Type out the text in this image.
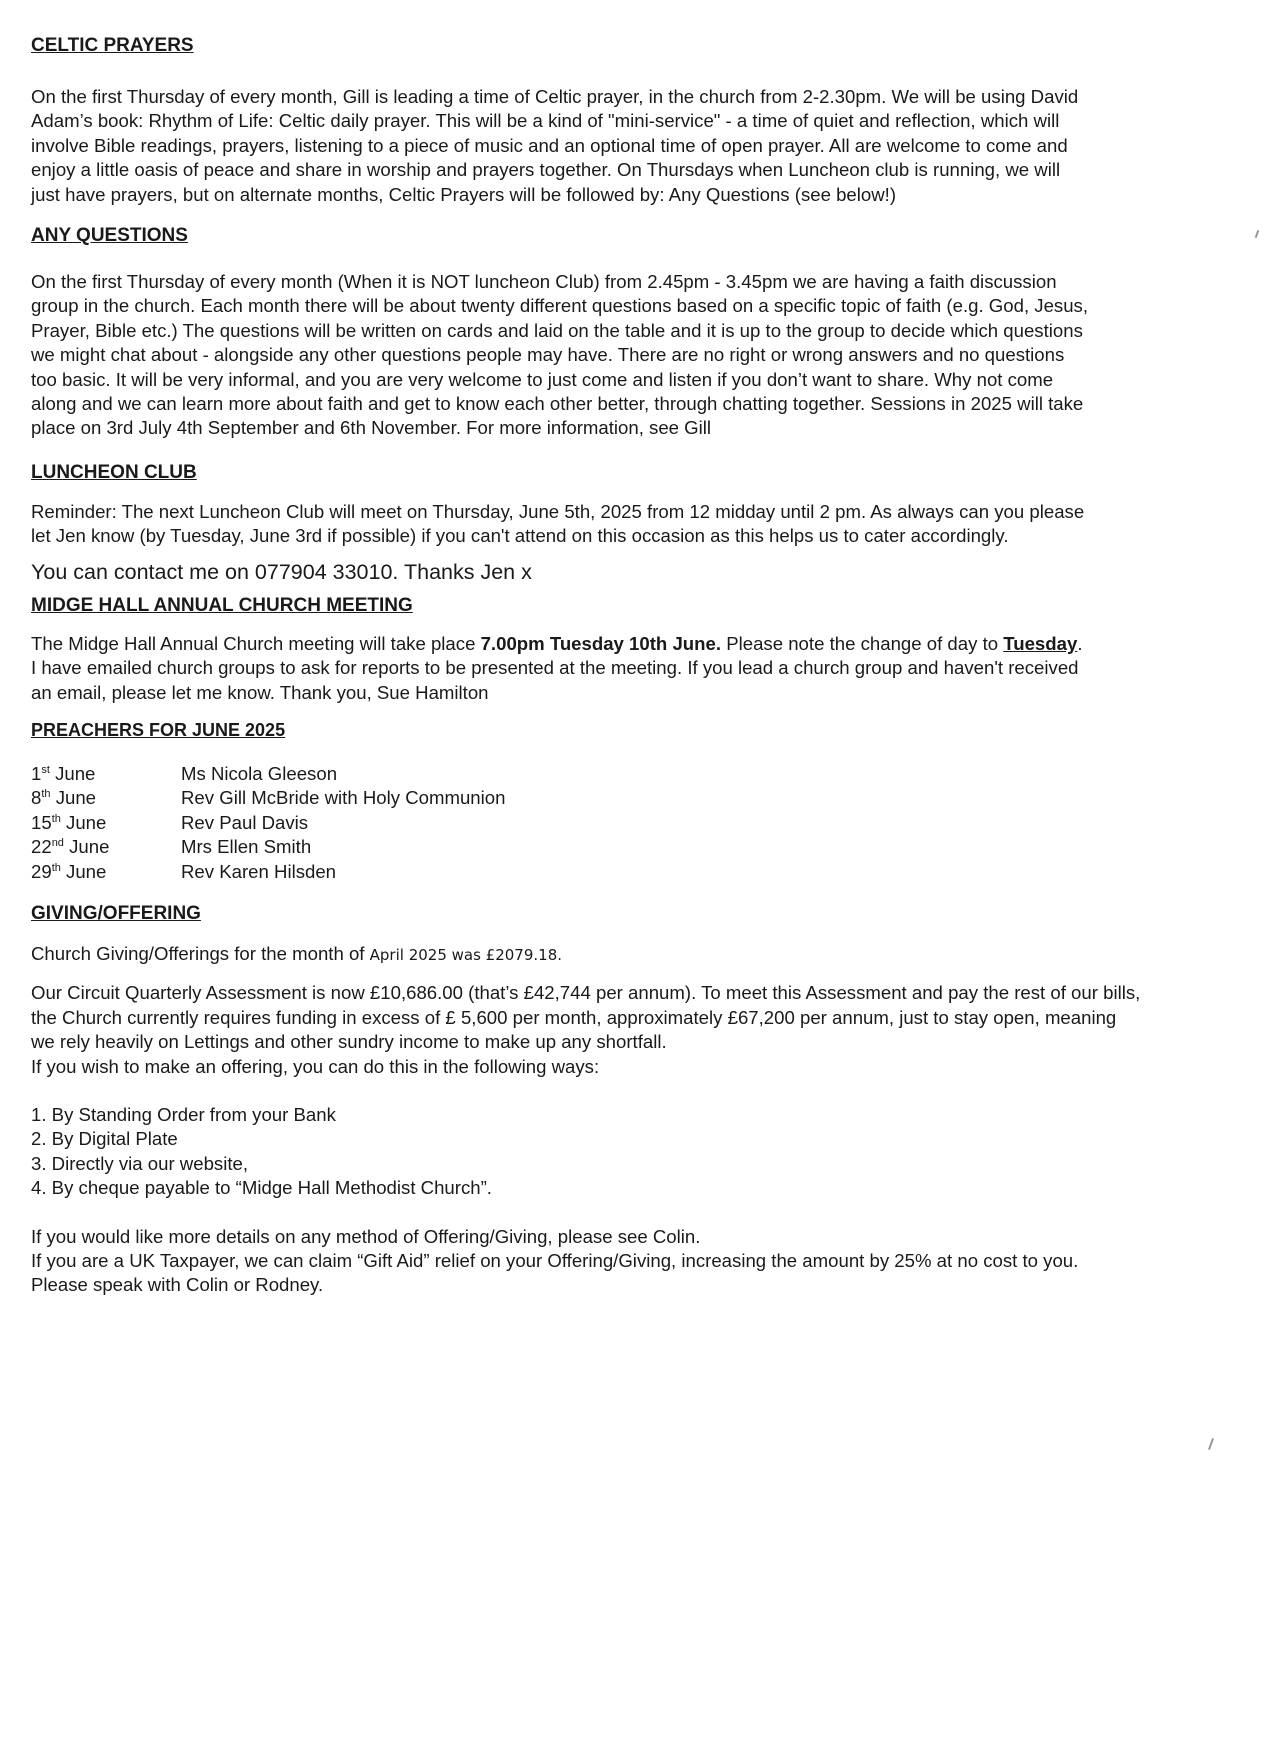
CELTIC PRAYERS

On the first Thursday of every month, Gill is leading a time of Celtic prayer, in the church from 2-2.30pm. We will be using David

Adam’s book: Rhythm of Life: Celtic daily prayer. This will be a kind of "mini-service" - a time of quiet and reflection, which will

involve Bible readings, prayers, listening to a piece of music and an optional time of open prayer. All are welcome to come and

enjoy a little oasis of peace and share in worship and prayers together. On Thursdays when Luncheon club is running, we will

just have prayers, but on alternate months, Celtic Prayers will be followed by: Any Questions (see below!)

ANY QUESTIONS

On the first Thursday of every month (When it is NOT luncheon Club) from 2.45pm - 3.45pm we are having a faith discussion

group in the church. Each month there will be about twenty different questions based on a specific topic of faith (e.g. God, Jesus,

Prayer, Bible etc.) The questions will be written on cards and laid on the table and it is up to the group to decide which questions

we might chat about - alongside any other questions people may have. There are no right or wrong answers and no questions

too basic. It will be very informal, and you are very welcome to just come and listen if you don’t want to share. Why not come

along and we can learn more about faith and get to know each other better, through chatting together. Sessions in 2025 will take

place on 3rd July 4th September and 6th November. For more information, see Gill

LUNCHEON CLUB

Reminder: The next Luncheon Club will meet on Thursday, June 5th, 2025 from 12 midday until 2 pm. As always can you please

let Jen know (by Tuesday, June 3rd if possible) if you can't attend on this occasion as this helps us to cater accordingly.

You can contact me on 077904 33010. Thanks Jen x

MIDGE HALL ANNUAL CHURCH MEETING

The Midge Hall Annual Church meeting will take place 7.00pm Tuesday 10th June. Please note the change of day to Tuesday.

I have emailed church groups to ask for reports to be presented at the meeting. If you lead a church group and haven't received

an email, please let me know. Thank you, Sue Hamilton

PREACHERS FOR JUNE 2025

1st June	Ms Nicola Gleeson
8th June	Rev Gill McBride with Holy Communion
15th June	Rev Paul Davis
22nd June	Mrs Ellen Smith
29th June	Rev Karen Hilsden

GIVING/OFFERING

Church Giving/Offerings for the month of April 2025 was £2079.18.

Our Circuit Quarterly Assessment is now £10,686.00 (that’s £42,744 per annum). To meet this Assessment and pay the rest of our bills,

the Church currently requires funding in excess of £ 5,600 per month, approximately £67,200 per annum, just to stay open, meaning

we rely heavily on Lettings and other sundry income to make up any shortfall.

If you wish to make an offering, you can do this in the following ways:

1. By Standing Order from your Bank

2. By Digital Plate

3. Directly via our website,

4. By cheque payable to “Midge Hall Methodist Church”.

If you would like more details on any method of Offering/Giving, please see Colin.

If you are a UK Taxpayer, we can claim “Gift Aid” relief on your Offering/Giving, increasing the amount by 25% at no cost to you.

Please speak with Colin or Rodney.
